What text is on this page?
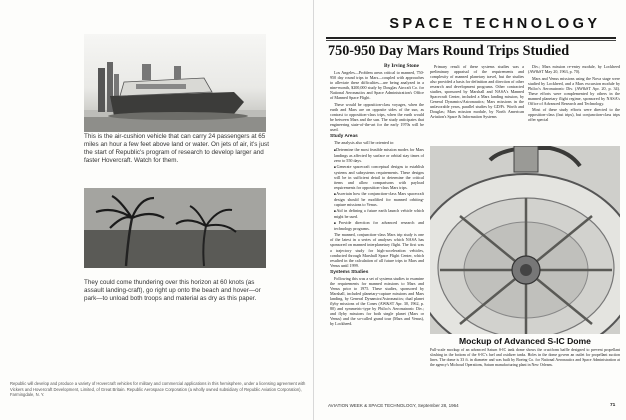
This is the air-cushion vehicle that can carry 24 passengers at 65 miles an hour a few feet above land or water. On jets of air, it's just the start of Republic's program of research to develop larger and faster Hovercraft. Watch for them.

They could come thundering over this horizon at 60 knots (as assault landing-craft), go right up onto the beach and hover—or park—to unload both troops and material as dry as this paper.

Republic will develop and produce a variety of Hovercraft vehicles for military and commercial applications in this hemisphere, under a licensing agreement with Vickers and Hovercraft Development, Limited, of Great Britain. Republic Aerospace Corporation (a wholly owned subsidiary of Republic Aviation Corporation), Farmingdale, N. Y.

SPACE TECHNOLOGY

750-950 Day Mars Round Trips Studied

By Irving Stone

Los Angeles—Problem areas critical to manned, 750-950 day round trips to Mars—coupled with approaches to alleviate these difficulties—are being analyzed in a nine-month, $200,000 study by Douglas Aircraft Co. for National Aeronautics and Space Administration's Office of Manned Space Flight.

These would be opposition-class voyages, when the earth and Mars are on opposite sides of the sun, as contrast to opposition-class trips, when the earth would be between Mars and the sun. The study anticipates that engineering state-of-the-art for the early 1970s will be used.

Study Areas

The analysis also will be oriented to:

■ Determine the most feasible mission modes for Mars landings as affected by surface or orbital stay times of zero to 550 days.
■ Generate spacecraft conceptual designs to establish systems and subsystems requirements. These designs will be in sufficient detail to determine the critical items and allow comparisons with payload requirements for opposition-class Mars trips.
■ Ascertain how the conjunction-class Mars spacecraft design should be modified for manned orbiting-capture missions to Venus.
■ Aid in defining a future earth launch vehicle which might be used.
■ Provide direction for advanced research and technology programs.

The manned, conjunction-class Mars trip study is one of the latest in a series of analyses which NASA has sponsored on manned interplanetary flight. The first was a trajectory study for high-acceleration vehicles, conducted through Marshall Space Flight Center, which resulted in the calculation of all future trips to Mars and Venus until 1999.

Systems Studies

Following this was a set of systems studies to examine the requirements for manned missions to Mars and Venus prior to 1975. These studies, sponsored by Marshall, included planetary-capture missions and Mars landing, by General Dynamics/Astronautics; dual planet flyby missions of the Cones (AW&ST Apr. 30, 1962, p. 80) and symmetric-type by Philco's Aeronutronic Div.; and flyby missions for both single planet (Mars or Venus) and the so-called grand tour (Mars and Venus), by Lockheed.

Primary result of these systems studies was a preliminary appraisal of the requirements and complexity of manned planetary travel, but the studies also provided a basis for definition and direction of other research and development programs. Other contracted studies, sponsored by Marshall and NASA's Manned Spacecraft Center, included a Mars landing mission, by General Dynamics/Astronautics; Mars missions in the unfavorable years, parallel studies by GD/Ft. Worth and Douglas; Mars mission module, by North American Aviation's Space & Information Systems

Div.; Mars mission re-entry module, by Lockheed (AW&ST May 20, 1963, p. 70).

Mars and Venus missions using the Nova stage were studied by Lockheed, and a Mars excursion module by Philco's Aeronutronic Div. (AW&ST Apr. 20, p. 34). These efforts were complemented by others in the manned planetary flight regime, sponsored by NASA's Office of Advanced Research and Technology.

Most of these study efforts were directed to the opposition-class (fast trips), but conjunction-class trips offer special

Mockup of Advanced S-IC Dome

Full-scale mockup of an advanced Saturn S-IC tank dome shows the cruciform baffle designed to prevent propellant sloshing in the bottom of the S-IC's fuel and oxidizer tanks. Holes in the dome govern an outlet for propellant suction lines. The dome is 33 ft. in diameter and was built by Boeing Co. for National Aeronautics and Space Administration at the agency's Michoud Operations, Saturn manufacturing plant in New Orleans.

AVIATION WEEK & SPACE TECHNOLOGY, September 28, 1964	71
